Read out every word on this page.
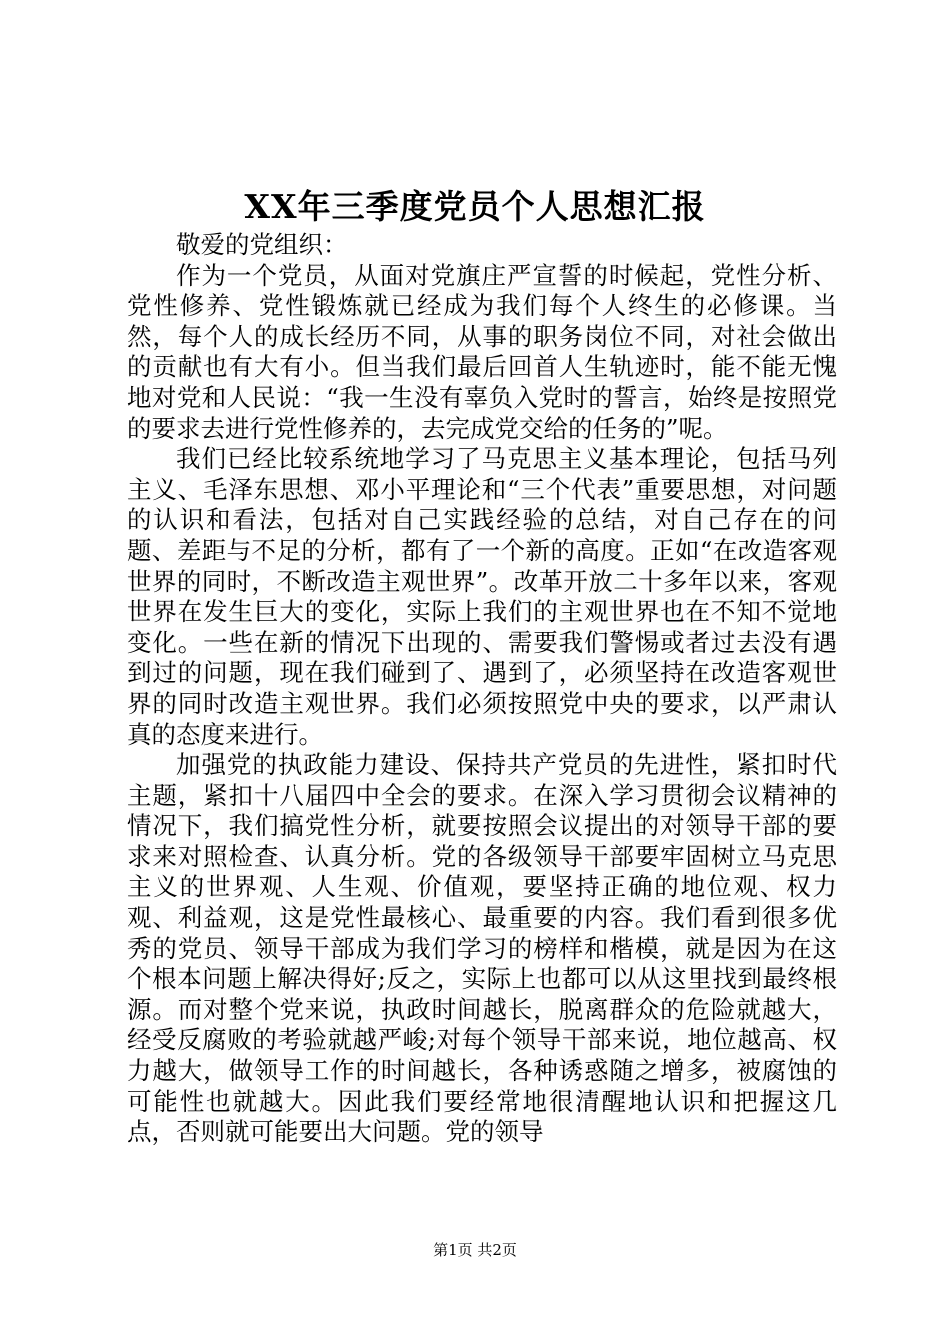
XX年三季度党员个人思想汇报

敬爱的党组织：

作为一个党员，从面对党旗庄严宣誓的时候起，党性分析、党性修养、党性锻炼就已经成为我们每个人终生的必修课。当然，每个人的成长经历不同，从事的职务岗位不同，对社会做出的贡献也有大有小。但当我们最后回首人生轨迹时，能不能无愧地对党和人民说：“我一生没有辜负入党时的誓言，始终是按照党的要求去进行党性修养的，去完成党交给的任务的”呢。

我们已经比较系统地学习了马克思主义基本理论，包括马列主义、毛泽东思想、邓小平理论和“三个代表”重要思想，对问题的认识和看法，包括对自己实践经验的总结，对自己存在的问题、差距与不足的分析，都有了一个新的高度。正如“在改造客观世界的同时，不断改造主观世界”。改革开放二十多年以来，客观世界在发生巨大的变化，实际上我们的主观世界也在不知不觉地变化。一些在新的情况下出现的、需要我们警惕或者过去没有遇到过的问题，现在我们碰到了、遇到了，必须坚持在改造客观世界的同时改造主观世界。我们必须按照党中央的要求，以严肃认真的态度来进行。

加强党的执政能力建设、保持共产党员的先进性，紧扣时代主题，紧扣十八届四中全会的要求。在深入学习贯彻会议精神的情况下，我们搞党性分析，就要按照会议提出的对领导干部的要求来对照检查、认真分析。党的各级领导干部要牢固树立马克思主义的世界观、人生观、价值观，要坚持正确的地位观、权力观、利益观，这是党性最核心、最重要的内容。我们看到很多优秀的党员、领导干部成为我们学习的榜样和楷模，就是因为在这个根本问题上解决得好;反之，实际上也都可以从这里找到最终根源。而对整个党来说，执政时间越长，脱离群众的危险就越大，经受反腐败的考验就越严峻;对每个领导干部来说，地位越高、权力越大，做领导工作的时间越长，各种诱惑随之增多，被腐蚀的可能性也就越大。因此我们要经常地很清醒地认识和把握这几点，否则就可能要出大问题。党的领导

第1页 共2页
